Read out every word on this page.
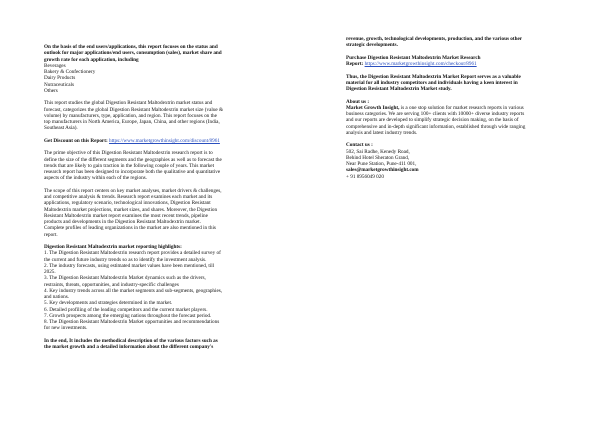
On the basis of the end users/applications, this report focuses on the status and
outlook for major applications/end users, consumption (sales), market share and
growth rate for each application, including
Beverages
Bakery & Confectionery
Dairy Products
Nutraceuticals
Others
This report studies the global Digestion Resistant Maltodextrin market status and
forecast, categorizes the global Digestion Resistant Maltodextrin market size (value &
volume) by manufacturers, type, application, and region. This report focuses on the
top manufacturers in North America, Europe, Japan, China, and other regions (India,
Southeast Asia).
Get Discount on this Report: https://www.marketgrowthinsight.com/discount/8961
The prime objective of this Digestion Resistant Maltodextrin research report is to
define the size of the different segments and the geographies as well as to forecast the
trends that are likely to gain traction in the following couple of years. This market
research report has been designed to incorporate both the qualitative and quantitative
aspects of the industry within each of the regions.
The scope of this report centers on key market analyses, market drivers & challenges,
and competitive analysis & trends. Research report examines each market and its
applications, regulatory scenario, technological innovations, Digestion Resistant
Maltodextrin market projections, market sizes, and shares. Moreover, the Digestion
Resistant Maltodextrin market report examines the most recent trends, pipeline
products and developments in the Digestion Resistant Maltodextrin market.
Complete profiles of leading organizations in the market are also mentioned in this
report.
Digestion Resistant Maltodextrin market reporting highlights:
1. The Digestion Resistant Maltodextrin research report provides a detailed survey of
the current and future industry trends so as to identify the investment analysis.
2. The industry forecasts, using estimated market values have been mentioned, till
2025.
3. The Digestion Resistant Maltodextrin Market dynamics such as the drivers,
restraints, threats, opportunities, and industry-specific challenges
4. Key industry trends across all the market segments and sub-segments, geographies,
and nations.
5. Key developments and strategies determined in the market.
6. Detailed profiling of the leading competitors and the current market players.
7. Growth prospects among the emerging nations throughout the forecast period.
8. The Digestion Resistant Maltodextrin Market opportunities and recommendations
for new investments.
In the end, It includes the methodical description of the various factors such as
the market growth and a detailed information about the different company's
revenue, growth, technological developments, production, and the various other
strategic developments.
Purchase Digestion Resistant Maltodextrin Market Research
Report: https://www.marketgrowthinsight.com/checkout/8961
Thus, the Digestion Resistant Maltodextrin Market Report serves as a valuable
material for all industry competitors and individuals having a keen interest in
Digestion Resistant Maltodextrin Market study.
About us :
Market Growth Insight, is a one stop solution for market research reports in various
business categories. We are serving 100+ clients with 10000+ diverse industry reports
and our reports are developed to simplify strategic decision making, on the basis of
comprehensive and in-depth significant information, established through wide ranging
analysis and latest industry trends.
Contact us :
502, Sai Radhe, Kenedy Road,
Behind Hotel Sheraton Grand,
Near Pune Station, Pune-411 001,
sales@marketgrowthinsight.com
+ 91 8956049 020
